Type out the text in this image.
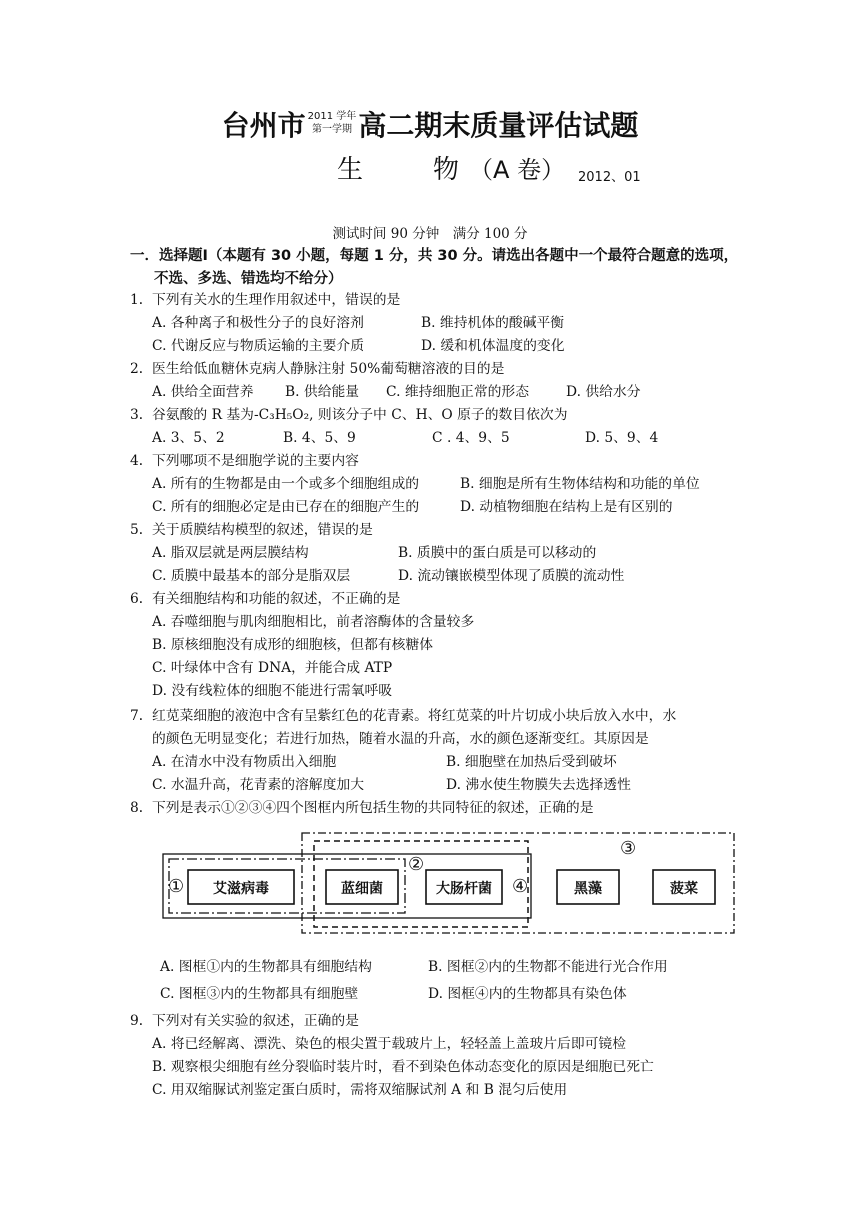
台州市 2011 学年
第一学期 高二期末质量评估试题
生	物 （A 卷） 2012、01
测试时间 90 分钟　满分 100 分
一．选择题Ⅰ（本题有 30 小题，每题 1 分，共 30 分。请选出各题中一个最符合题意的选项，
不选、多选、错选均不给分）
1．下列有关水的生理作用叙述中，错误的是
A. 各种离子和极性分子的良好溶剂	B. 维持机体的酸碱平衡
C. 代谢反应与物质运输的主要介质	D. 缓和机体温度的变化
2．医生给低血糖休克病人静脉注射 50%葡萄糖溶液的目的是
A. 供给全面营养 B. 供给能量 C. 维持细胞正常的形态	D. 供给水分
3．谷氨酸的 R 基为-C₃H₅O₂, 则该分子中 C、H、O 原子的数目依次为
A. 3、5、2	B. 4、5、9	C . 4、9、5	D. 5、9、4
4．下列哪项不是细胞学说的主要内容
A. 所有的生物都是由一个或多个细胞组成的	B. 细胞是所有生物体结构和功能的单位
C. 所有的细胞必定是由已存在的细胞产生的	D. 动植物细胞在结构上是有区别的
5．关于质膜结构模型的叙述，错误的是
A. 脂双层就是两层膜结构	B. 质膜中的蛋白质是可以移动的
C. 质膜中最基本的部分是脂双层	D. 流动镶嵌模型体现了质膜的流动性
6．有关细胞结构和功能的叙述，不正确的是
A. 吞噬细胞与肌肉细胞相比，前者溶酶体的含量较多
B. 原核细胞没有成形的细胞核，但都有核糖体
C. 叶绿体中含有 DNA，并能合成 ATP
D. 没有线粒体的细胞不能进行需氧呼吸
7．红苋菜细胞的液泡中含有呈紫红色的花青素。将红苋菜的叶片切成小块后放入水中，水
的颜色无明显变化；若进行加热，随着水温的升高，水的颜色逐渐变红。其原因是
A. 在清水中没有物质出入细胞	B. 细胞壁在加热后受到破坏
C. 水温升高，花青素的溶解度加大	D. 沸水使生物膜失去选择透性
8．下列是表示①②③④四个图框内所包括生物的共同特征的叙述，正确的是
艾滋病毒	蓝细菌	大肠杆菌	黑藻	菠菜
①
②
③
④
A. 图框①内的生物都具有细胞结构	B. 图框②内的生物都不能进行光合作用
C. 图框③内的生物都具有细胞壁	D. 图框④内的生物都具有染色体
9．下列对有关实验的叙述，正确的是
A. 将已经解离、漂洗、染色的根尖置于载玻片上，轻轻盖上盖玻片后即可镜检
B. 观察根尖细胞有丝分裂临时装片时，看不到染色体动态变化的原因是细胞已死亡
C. 用双缩脲试剂鉴定蛋白质时，需将双缩脲试剂 A 和 B 混匀后使用
